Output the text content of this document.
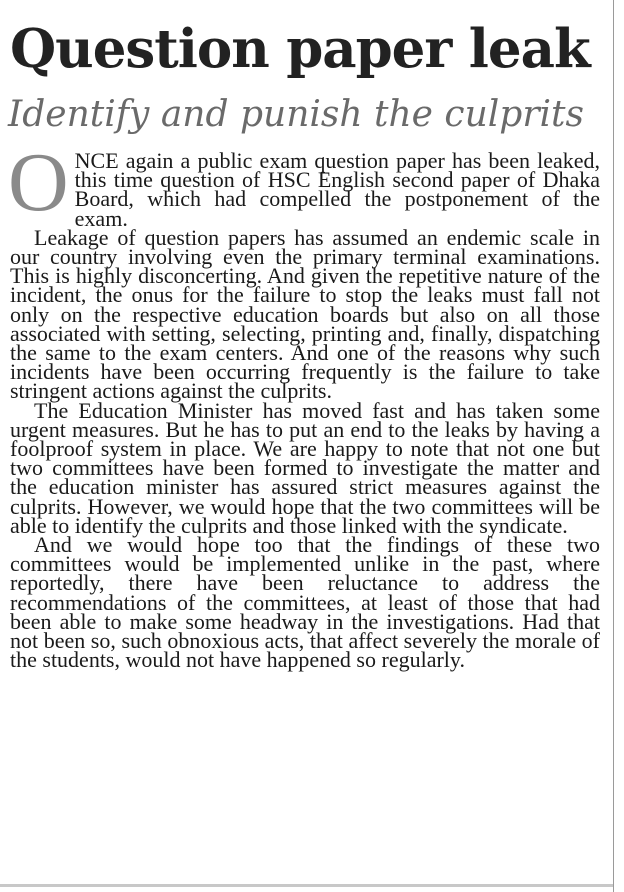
Question paper leak
Identify and punish the culprits

ONCE again a public exam question paper has been leaked, this time question of HSC English second paper of Dhaka Board, which had compelled the postponement of the exam.

Leakage of question papers has assumed an endemic scale in our country involving even the primary terminal examinations. This is highly disconcerting. And given the repetitive nature of the incident, the onus for the failure to stop the leaks must fall not only on the respective education boards but also on all those associated with setting, selecting, printing and, finally, dispatching the same to the exam centers. And one of the reasons why such incidents have been occurring frequently is the failure to take stringent actions against the culprits.

The Education Minister has moved fast and has taken some urgent measures. But he has to put an end to the leaks by having a foolproof system in place. We are happy to note that not one but two committees have been formed to investigate the matter and the education minister has assured strict measures against the culprits. However, we would hope that the two committees will be able to identify the culprits and those linked with the syndicate.

And we would hope too that the findings of these two committees would be implemented unlike in the past, where reportedly, there have been reluctance to address the recommendations of the committees, at least of those that had been able to make some headway in the investigations. Had that not been so, such obnoxious acts, that affect severely the morale of the students, would not have happened so regularly.
